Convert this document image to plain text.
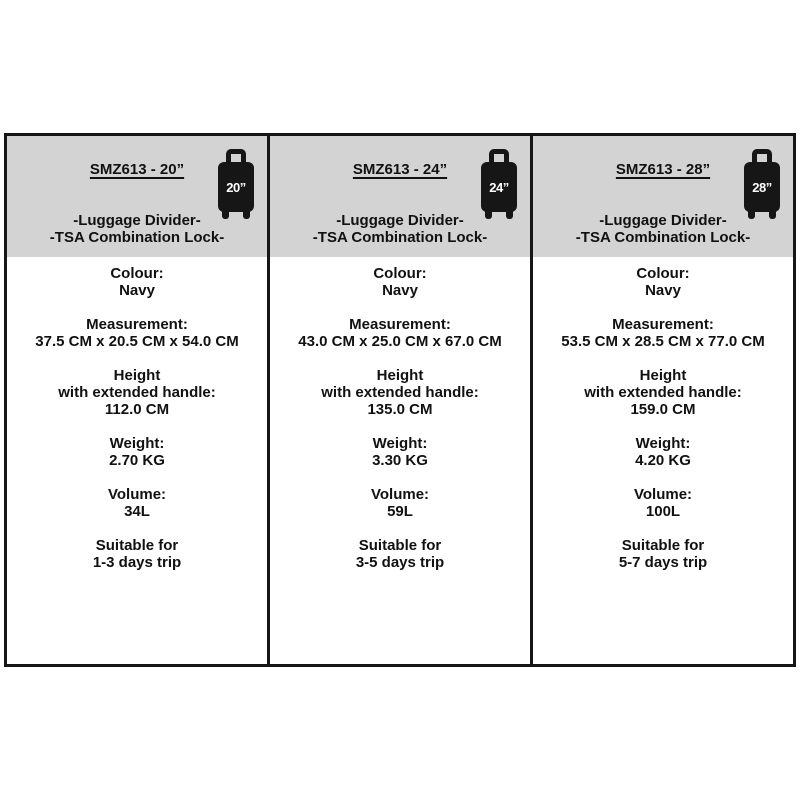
SMZ613 - 20”
20”
-Luggage Divider-
-TSA Combination Lock-
Colour:
Navy
Measurement:
37.5 CM x 20.5 CM x 54.0 CM
Height
with extended handle:
112.0 CM
Weight:
2.70 KG
Volume:
34L
Suitable for
1-3 days trip
SMZ613 - 24”
24”
-Luggage Divider-
-TSA Combination Lock-
Colour:
Navy
Measurement:
43.0 CM x 25.0 CM x 67.0 CM
Height
with extended handle:
135.0 CM
Weight:
3.30 KG
Volume:
59L
Suitable for
3-5 days trip
SMZ613 - 28”
28”
-Luggage Divider-
-TSA Combination Lock-
Colour:
Navy
Measurement:
53.5 CM x 28.5 CM x 77.0 CM
Height
with extended handle:
159.0 CM
Weight:
4.20 KG
Volume:
100L
Suitable for
5-7 days trip
